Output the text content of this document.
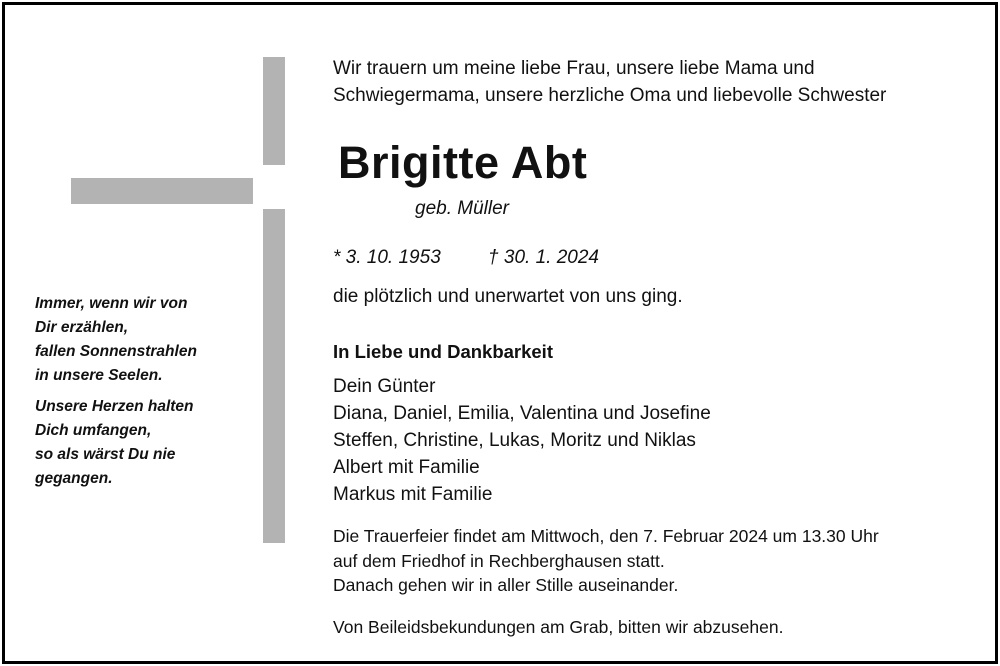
Immer, wenn wir von

Dir erzählen,

fallen Sonnenstrahlen

in unsere Seelen.

Unsere Herzen halten

Dich umfangen,

so als wärst Du nie

gegangen.

Wir trauern um meine liebe Frau, unsere liebe Mama und

Schwiegermama, unsere herzliche Oma und liebevolle Schwester

Brigitte Abt
geb. Müller
* 3. 10. 1953 † 30. 1. 2024
die plötzlich und unerwartet von uns ging.
In Liebe und Dankbarkeit
Dein Günter
Diana, Daniel, Emilia, Valentina und Josefine
Steffen, Christine, Lukas, Moritz und Niklas
Albert mit Familie
Markus mit Familie

Die Trauerfeier findet am Mittwoch, den 7. Februar 2024 um 13.30 Uhr

auf dem Friedhof in Rechberghausen statt.

Danach gehen wir in aller Stille auseinander.

Von Beileidsbekundungen am Grab, bitten wir abzusehen.
